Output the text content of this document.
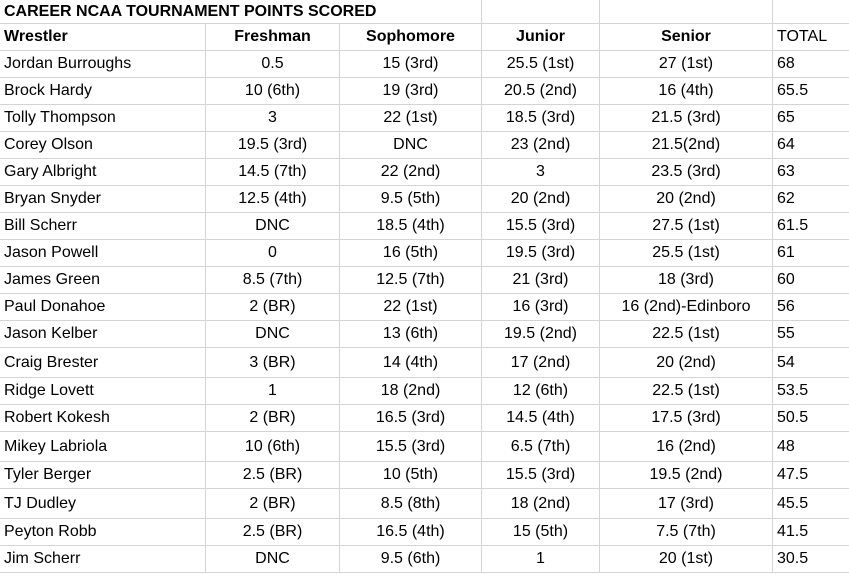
CAREER NCAA TOURNAMENT POINTS SCORED
Wrestler	Freshman	Sophomore	Junior	Senior	TOTAL
Jordan Burroughs	0.5	15 (3rd)	25.5 (1st)	27 (1st)	68
Brock Hardy	10 (6th)	19 (3rd)	20.5 (2nd)	16 (4th)	65.5
Tolly Thompson	3	22 (1st)	18.5 (3rd)	21.5 (3rd)	65
Corey Olson	19.5 (3rd)	DNC	23 (2nd)	21.5(2nd)	64
Gary Albright	14.5 (7th)	22 (2nd)	3	23.5 (3rd)	63
Bryan Snyder	12.5 (4th)	9.5 (5th)	20 (2nd)	20 (2nd)	62
Bill Scherr	DNC	18.5 (4th)	15.5 (3rd)	27.5 (1st)	61.5
Jason Powell	0	16 (5th)	19.5 (3rd)	25.5 (1st)	61
James Green	8.5 (7th)	12.5 (7th)	21 (3rd)	18 (3rd)	60
Paul Donahoe	2 (BR)	22 (1st)	16 (3rd)	16 (2nd)-Edinboro	56
Jason Kelber	DNC	13 (6th)	19.5 (2nd)	22.5 (1st)	55
Craig Brester	3 (BR)	14 (4th)	17 (2nd)	20 (2nd)	54
Ridge Lovett	1	18 (2nd)	12 (6th)	22.5 (1st)	53.5
Robert Kokesh	2 (BR)	16.5 (3rd)	14.5 (4th)	17.5 (3rd)	50.5
Mikey Labriola	10 (6th)	15.5 (3rd)	6.5 (7th)	16 (2nd)	48
Tyler Berger	2.5 (BR)	10 (5th)	15.5 (3rd)	19.5 (2nd)	47.5
TJ Dudley	2 (BR)	8.5 (8th)	18 (2nd)	17 (3rd)	45.5
Peyton Robb	2.5 (BR)	16.5 (4th)	15 (5th)	7.5 (7th)	41.5
Jim Scherr	DNC	9.5 (6th)	1	20 (1st)	30.5
